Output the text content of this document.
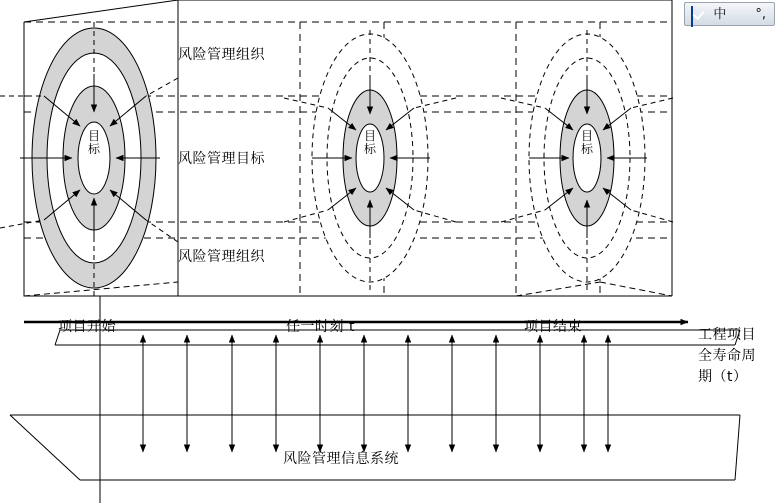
风险管理组织
风险管理目标
风险管理组织
目
标
目
标
目
标
项目开始	任一时刻 t	项目结束	工程项目
全寿命周
期（t）
风险管理信息系统
中 °,
